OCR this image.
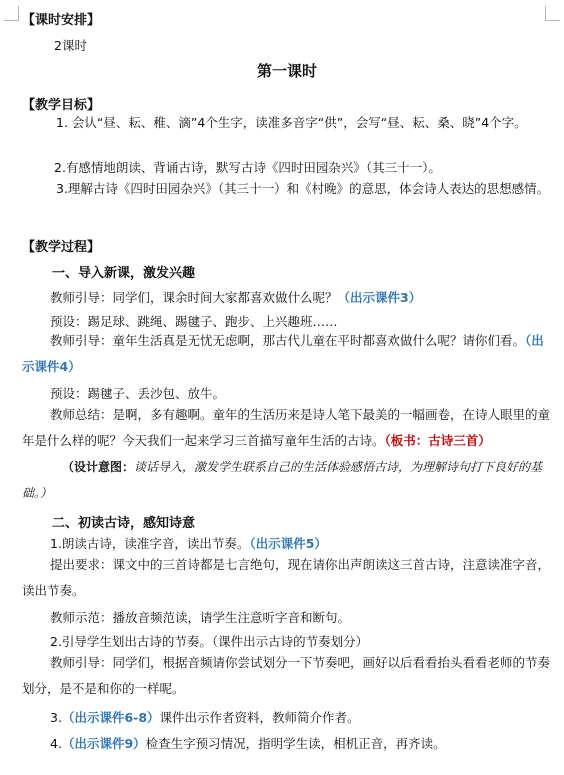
【课时安排】
2课时
第一课时
【教学目标】
1. 会认“昼、耘、稚、滴”4个生字，读准多音字“供”，会写“昼、耘、桑、晓”4个字。
2.有感情地朗读、背诵古诗，默写古诗《四时田园杂兴》（其三十一）。
3.理解古诗《四时田园杂兴》（其三十一）和《村晚》的意思，体会诗人表达的思想感情。
【教学过程】
一、导入新课，激发兴趣
教师引导：同学们，课余时间大家都喜欢做什么呢？（出示课件3）
预设：踢足球、跳绳、踢毽子、跑步、上兴趣班……
教师引导：童年生活真是无忧无虑啊，那古代儿童在平时都喜欢做什么呢？请你们看。（出示课件4）
预设：踢毽子、丢沙包、放牛。
教师总结：是啊，多有趣啊。童年的生活历来是诗人笔下最美的一幅画卷，在诗人眼里的童年是什么样的呢？今天我们一起来学习三首描写童年生活的古诗。（板书：古诗三首）
（设计意图：谈话导入，激发学生联系自己的生活体验感悟古诗，为理解诗句打下良好的基础。）
二、初读古诗，感知诗意
1.朗读古诗，读准字音，读出节奏。（出示课件5）
提出要求：课文中的三首诗都是七言绝句，现在请你出声朗读这三首古诗，注意读准字音，读出节奏。
教师示范：播放音频范读，请学生注意听字音和断句。
2.引导学生划出古诗的节奏。（课件出示古诗的节奏划分）
教师引导：同学们，根据音频请你尝试划分一下节奏吧，画好以后看看抬头看看老师的节奏划分，是不是和你的一样呢。
3.（出示课件6-8）课件出示作者资料，教师简介作者。
4.（出示课件9）检查生字预习情况，指明学生读，相机正音，再齐读。
